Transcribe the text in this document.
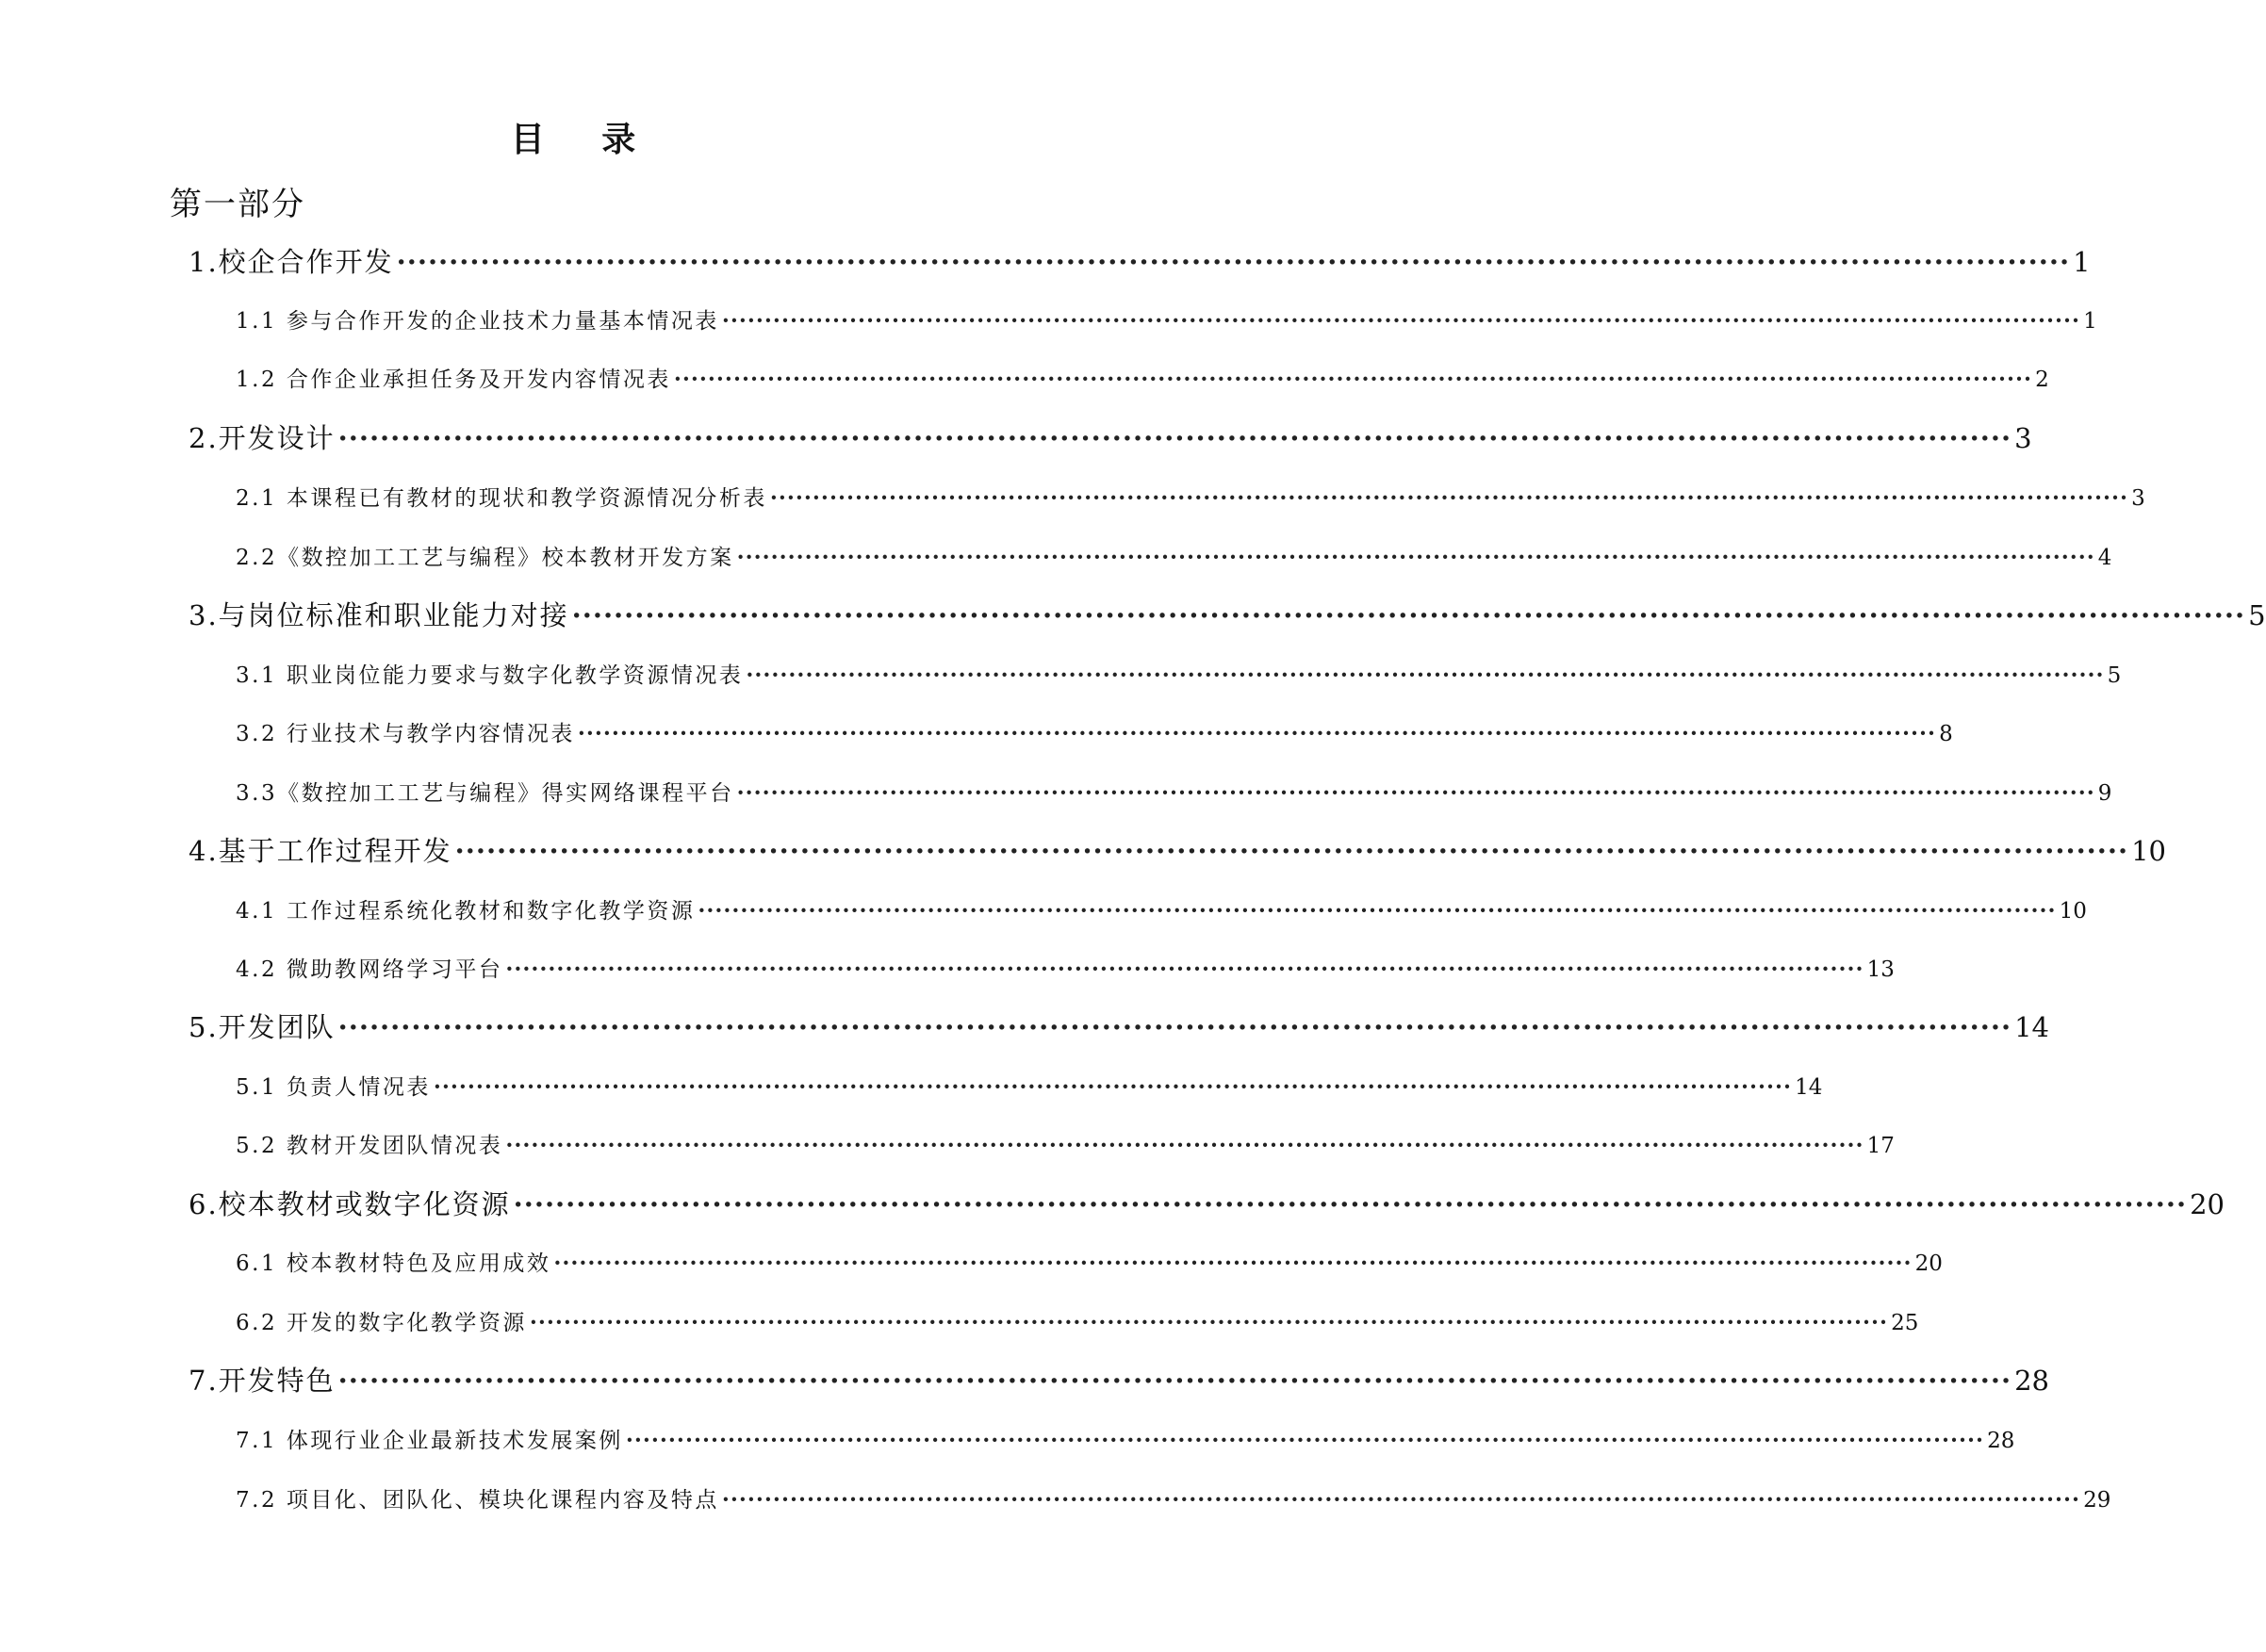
目 录
第一部分
1.校企合作开发 ································································································································································ 1
1.1 参与合作开发的企业技术力量基本情况表 ································································································································································ 1
1.2 合作企业承担任务及开发内容情况表 ································································································································································ 2
2.开发设计 ································································································································································ 3
2.1 本课程已有教材的现状和教学资源情况分析表 ································································································································································ 3
2.2《数控加工工艺与编程》校本教材开发方案 ································································································································································ 4
3.与岗位标准和职业能力对接 ································································································································································ 5
3.1 职业岗位能力要求与数字化教学资源情况表 ································································································································································ 5
3.2 行业技术与教学内容情况表 ································································································································································ 8
3.3《数控加工工艺与编程》得实网络课程平台 ································································································································································ 9
4.基于工作过程开发 ································································································································································ 10
4.1 工作过程系统化教材和数字化教学资源 ································································································································································ 10
4.2 微助教网络学习平台 ································································································································································ 13
5.开发团队 ································································································································································ 14
5.1 负责人情况表 ································································································································································ 14
5.2 教材开发团队情况表 ································································································································································ 17
6.校本教材或数字化资源 ································································································································································ 20
6.1 校本教材特色及应用成效 ································································································································································ 20
6.2 开发的数字化教学资源 ································································································································································ 25
7.开发特色 ································································································································································ 28
7.1 体现行业企业最新技术发展案例 ································································································································································ 28
7.2 项目化、团队化、模块化课程内容及特点 ································································································································································ 29
